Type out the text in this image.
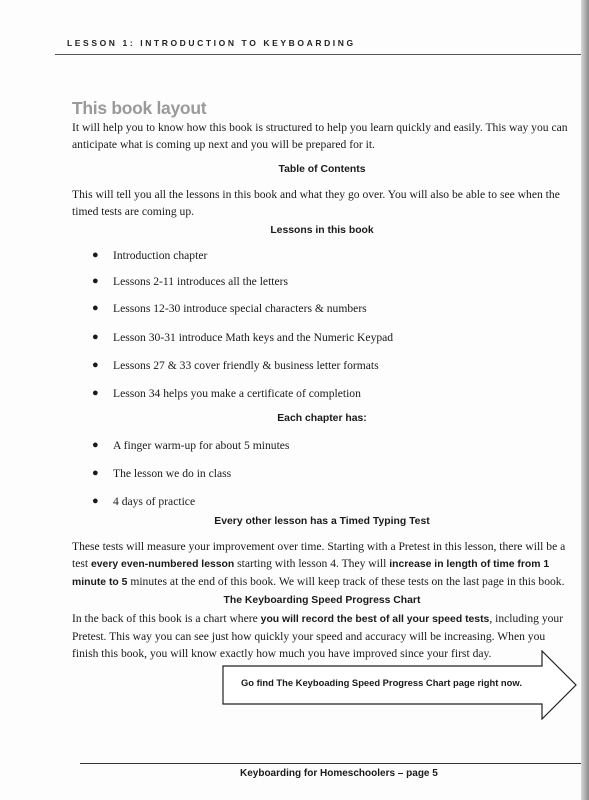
LESSON 1: INTRODUCTION TO KEYBOARDING
This book layout

It will help you to know how this book is structured to help you learn quickly and easily. This way you can anticipate what is coming up next and you will be prepared for it.

Table of Contents

This will tell you all the lessons in this book and what they go over. You will also be able to see when the timed tests are coming up.

Lessons in this book

● Introduction chapter
● Lessons 2-11 introduces all the letters
● Lessons 12-30 introduce special characters & numbers
● Lesson 30-31 introduce Math keys and the Numeric Keypad
● Lessons 27 & 33 cover friendly & business letter formats
● Lesson 34 helps you make a certificate of completion

Each chapter has:

● A finger warm-up for about 5 minutes
● The lesson we do in class
● 4 days of practice

Every other lesson has a Timed Typing Test

These tests will measure your improvement over time. Starting with a Pretest in this lesson, there will be a test every even-numbered lesson starting with lesson 4. They will increase in length of time from 1 minute to 5 minutes at the end of this book. We will keep track of these tests on the last page in this book.

The Keyboarding Speed Progress Chart

In the back of this book is a chart where you will record the best of all your speed tests, including your Pretest. This way you can see just how quickly your speed and accuracy will be increasing. When you finish this book, you will know exactly how much you have improved since your first day.

Go find The Keyboading Speed Progress Chart page right now.
Keyboarding for Homeschoolers – page 5
